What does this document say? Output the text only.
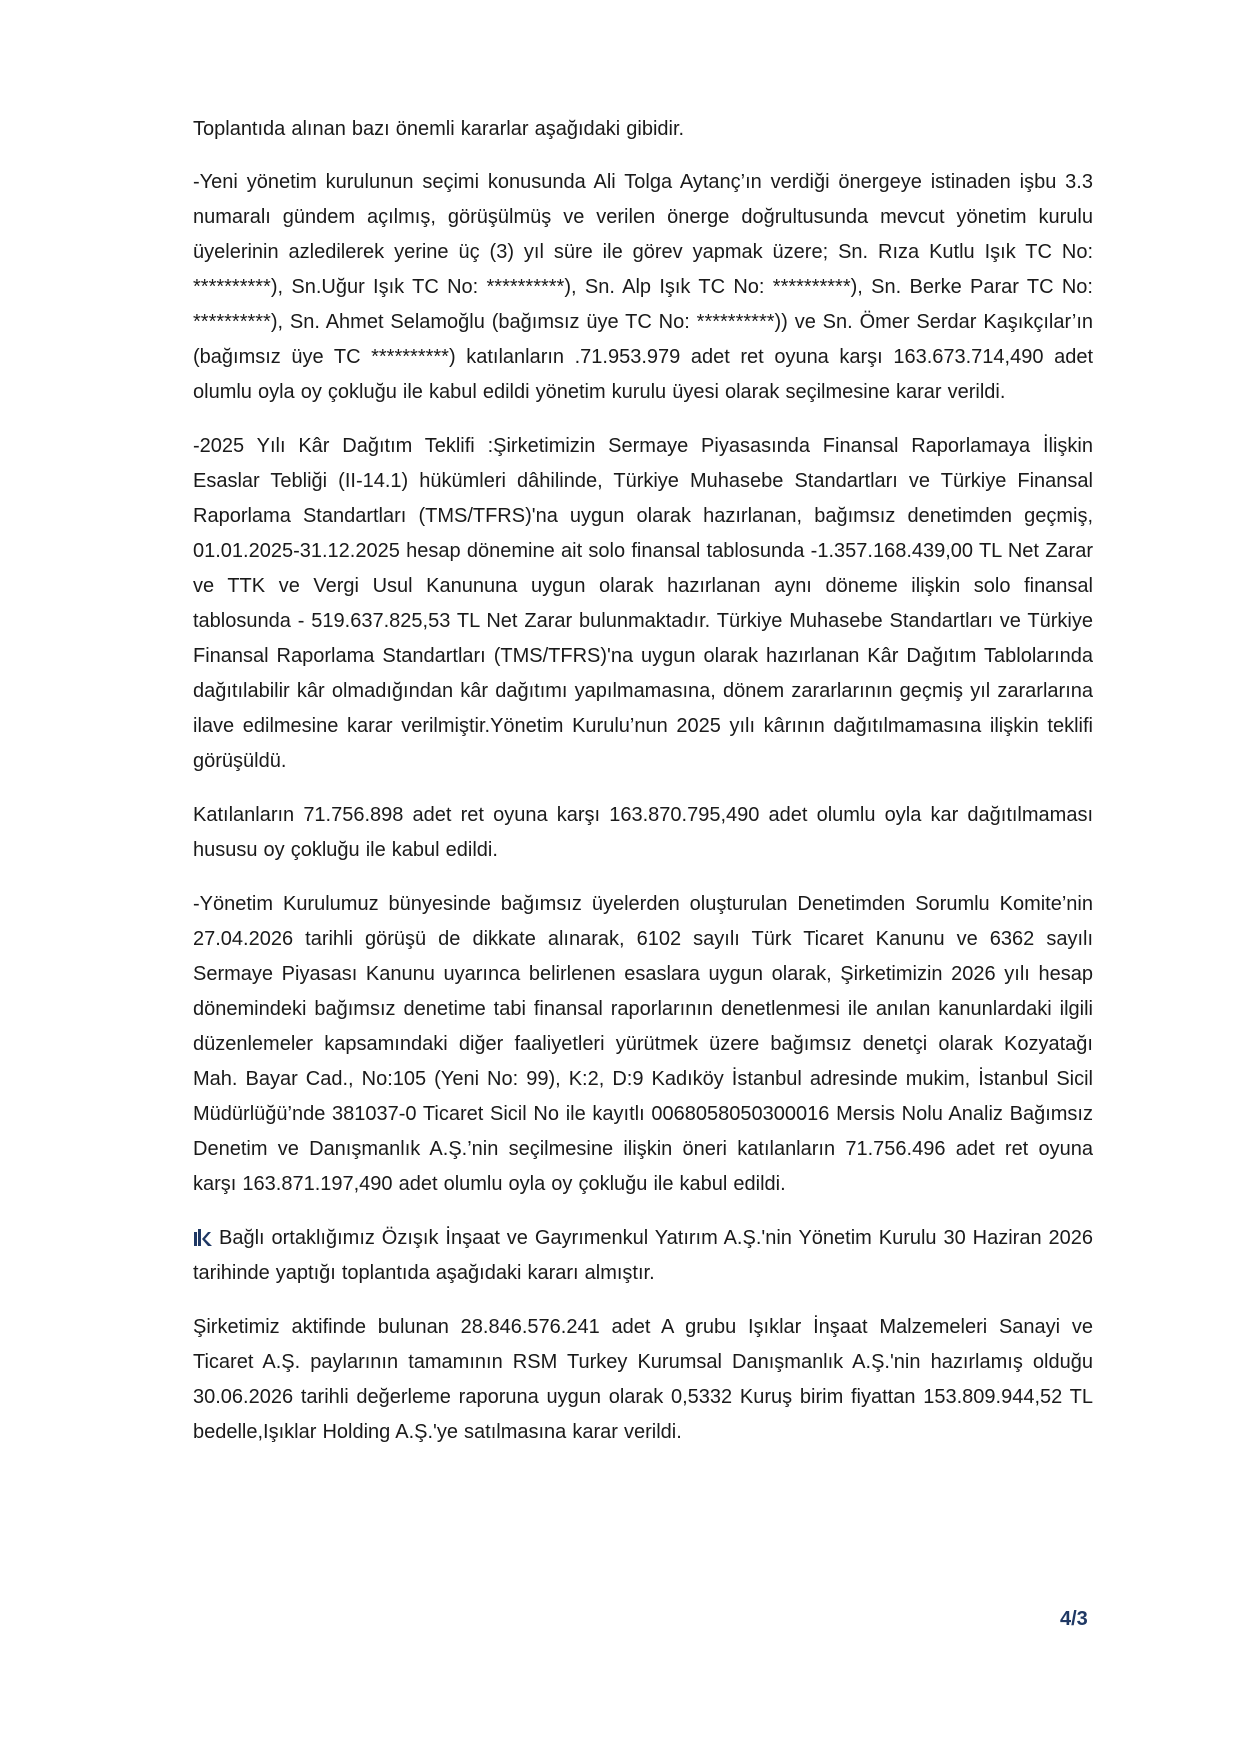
Toplantıda alınan bazı önemli kararlar aşağıdaki gibidir.

-Yeni yönetim kurulunun seçimi konusunda Ali Tolga Aytanç’ın verdiği önergeye istinaden işbu 3.3 numaralı gündem açılmış, görüşülmüş ve verilen önerge doğrultusunda mevcut yönetim kurulu üyelerinin azledilerek yerine üç (3) yıl süre ile görev yapmak üzere; Sn. Rıza Kutlu Işık TC No: **********), Sn.Uğur Işık TC No: **********), Sn. Alp Işık TC No: **********), Sn. Berke Parar TC No: **********), Sn. Ahmet Selamoğlu (bağımsız üye TC No: **********)) ve Sn. Ömer Serdar Kaşıkçılar’ın (bağımsız üye TC **********) katılanların .71.953.979 adet ret oyuna karşı 163.673.714,490 adet olumlu oyla oy çokluğu ile kabul edildi yönetim kurulu üyesi olarak seçilmesine karar verildi.

-2025 Yılı Kâr Dağıtım Teklifi :Şirketimizin Sermaye Piyasasında Finansal Raporlamaya İlişkin Esaslar Tebliği (II-14.1) hükümleri dâhilinde, Türkiye Muhasebe Standartları ve Türkiye Finansal Raporlama Standartları (TMS/TFRS)'na uygun olarak hazırlanan, bağımsız denetimden geçmiş, 01.01.2025-31.12.2025 hesap dönemine ait solo finansal tablosunda -1.357.168.439,00 TL Net Zarar ve TTK ve Vergi Usul Kanununa uygun olarak hazırlanan aynı döneme ilişkin solo finansal tablosunda - 519.637.825,53 TL Net Zarar bulunmaktadır. Türkiye Muhasebe Standartları ve Türkiye Finansal Raporlama Standartları (TMS/TFRS)'na uygun olarak hazırlanan Kâr Dağıtım Tablolarında dağıtılabilir kâr olmadığından kâr dağıtımı yapılmamasına, dönem zararlarının geçmiş yıl zararlarına ilave edilmesine karar verilmiştir.Yönetim Kurulu’nun 2025 yılı kârının dağıtılmamasına ilişkin teklifi görüşüldü.

Katılanların 71.756.898 adet ret oyuna karşı 163.870.795,490 adet olumlu oyla kar dağıtılmaması hususu oy çokluğu ile kabul edildi.

-Yönetim Kurulumuz bünyesinde bağımsız üyelerden oluşturulan Denetimden Sorumlu Komite’nin 27.04.2026 tarihli görüşü de dikkate alınarak, 6102 sayılı Türk Ticaret Kanunu ve 6362 sayılı Sermaye Piyasası Kanunu uyarınca belirlenen esaslara uygun olarak, Şirketimizin 2026 yılı hesap dönemindeki bağımsız denetime tabi finansal raporlarının denetlenmesi ile anılan kanunlardaki ilgili düzenlemeler kapsamındaki diğer faaliyetleri yürütmek üzere bağımsız denetçi olarak Kozyatağı Mah. Bayar Cad., No:105 (Yeni No: 99), K:2, D:9 Kadıköy İstanbul adresinde mukim, İstanbul Sicil Müdürlüğü’nde 381037-0 Ticaret Sicil No ile kayıtlı 0068058050300016 Mersis Nolu Analiz Bağımsız Denetim ve Danışmanlık A.Ş.’nin seçilmesine ilişkin öneri katılanların 71.756.496 adet ret oyuna karşı 163.871.197,490 adet olumlu oyla oy çokluğu ile kabul edildi.

Bağlı ortaklığımız Özışık İnşaat ve Gayrımenkul Yatırım A.Ş.'nin Yönetim Kurulu 30 Haziran 2026 tarihinde yaptığı toplantıda aşağıdaki kararı almıştır.

Şirketimiz aktifinde bulunan 28.846.576.241 adet A grubu Işıklar İnşaat Malzemeleri Sanayi ve Ticaret A.Ş. paylarının tamamının RSM Turkey Kurumsal Danışmanlık A.Ş.'nin hazırlamış olduğu 30.06.2026 tarihli değerleme raporuna uygun olarak 0,5332 Kuruş birim fiyattan 153.809.944,52 TL bedelle,Işıklar Holding A.Ş.'ye satılmasına karar verildi.

4/3
